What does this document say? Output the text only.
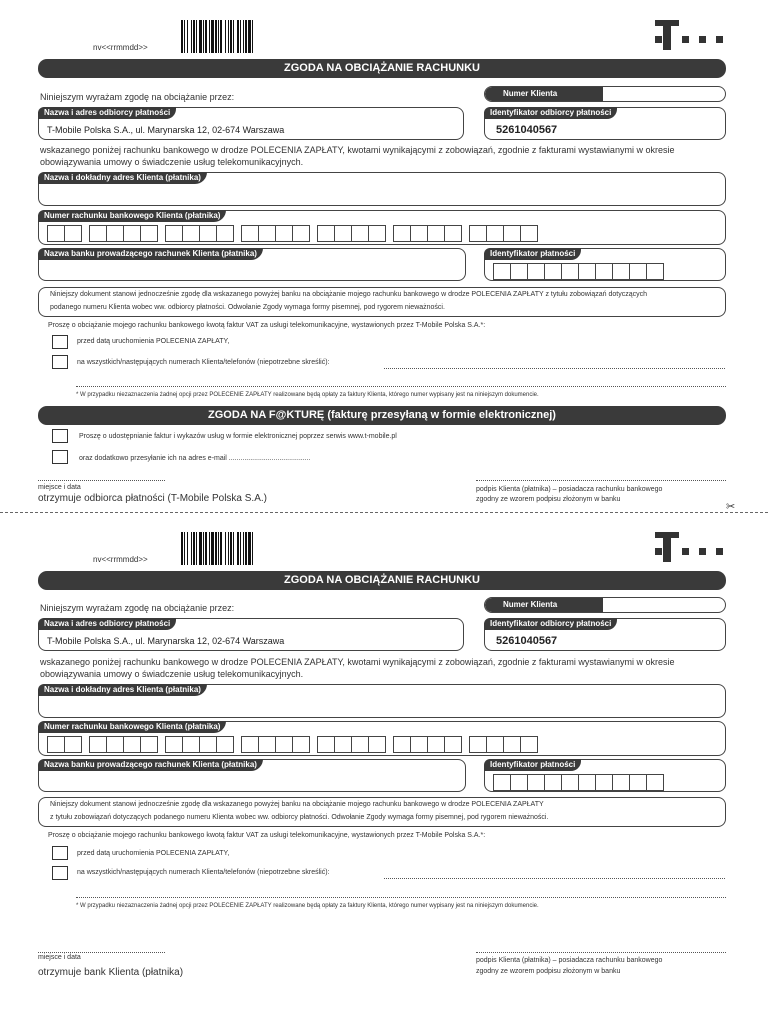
nv<<rrmmdd>>
ZGODA NA OBCIĄŻANIE RACHUNKU
Niniejszym wyrażam zgodę na obciążanie przez:	Numer Klienta
Nazwa i adres odbiorcy płatności
T-Mobile Polska S.A., ul. Marynarska 12, 02-674 Warszawa
Identyfikator odbiorcy płatności
5261040567
wskazanego poniżej rachunku bankowego w drodze POLECENIA ZAPŁATY, kwotami wynikającymi z zobowiązań, zgodnie z fakturami wystawianymi w okresie obowiązywania umowy o świadczenie usług telekomunikacyjnych.
Nazwa i dokładny adres Klienta (płatnika)
Numer rachunku bankowego Klienta (płatnika)
Nazwa banku prowadzącego rachunek Klienta (płatnika)	Identyfikator płatności
Niniejszy dokument stanowi jednocześnie zgodę dla wskazanego powyżej banku na obciążanie mojego rachunku bankowego w drodze POLECENIA ZAPŁATY z tytułu zobowiązań dotyczących
podanego numeru Klienta wobec ww. odbiorcy płatności. Odwołanie Zgody wymaga formy pisemnej, pod rygorem nieważności.
Proszę o obciążanie mojego rachunku bankowego kwotą faktur VAT za usługi telekomunikacyjne, wystawionych przez T-Mobile Polska S.A.*:
przed datą uruchomienia POLECENIA ZAPŁATY,
na wszystkich/następujących numerach Klienta/telefonów (niepotrzebne skreślić):
* W przypadku niezaznaczenia żadnej opcji przez POLECENIE ZAPŁATY realizowane będą opłaty za faktury Klienta, którego numer wypisany jest na niniejszym dokumencie.
ZGODA NA F@KTURĘ (fakturę przesyłaną w formie elektronicznej)
Proszę o udostępnianie faktur i wykazów usług w formie elektronicznej poprzez serwis www.t-mobile.pl
oraz dodatkowo przesyłanie ich na adres e-mail ..........................................
miejsce i data
otrzymuje odbiorca płatności (T-Mobile Polska S.A.)
podpis Klienta (płatnika) – posiadacza rachunku bankowego
zgodny ze wzorem podpisu złożonym w banku
✂
nv<<rrmmdd>>
ZGODA NA OBCIĄŻANIE RACHUNKU
Niniejszym wyrażam zgodę na obciążanie przez:	Numer Klienta
Nazwa i adres odbiorcy płatności
T-Mobile Polska S.A., ul. Marynarska 12, 02-674 Warszawa
Identyfikator odbiorcy płatności
5261040567
wskazanego poniżej rachunku bankowego w drodze POLECENIA ZAPŁATY, kwotami wynikającymi z zobowiązań, zgodnie z fakturami wystawianymi w okresie obowiązywania umowy o świadczenie usług telekomunikacyjnych.
Nazwa i dokładny adres Klienta (płatnika)
Numer rachunku bankowego Klienta (płatnika)
Nazwa banku prowadzącego rachunek Klienta (płatnika)	Identyfikator płatności
Niniejszy dokument stanowi jednocześnie zgodę dla wskazanego powyżej banku na obciążanie mojego rachunku bankowego w drodze POLECENIA ZAPŁATY
z tytułu zobowiązań dotyczących podanego numeru Klienta wobec ww. odbiorcy płatności. Odwołanie Zgody wymaga formy pisemnej, pod rygorem nieważności.
Proszę o obciążanie mojego rachunku bankowego kwotą faktur VAT za usługi telekomunikacyjne, wystawionych przez T-Mobile Polska S.A.*:
przed datą uruchomienia POLECENIA ZAPŁATY,
na wszystkich/następujących numerach Klienta/telefonów (niepotrzebne skreślić):
* W przypadku niezaznaczenia żadnej opcji przez POLECENIE ZAPŁATY realizowane będą opłaty za faktury Klienta, którego numer wypisany jest na niniejszym dokumencie.
miejsce i data
otrzymuje bank Klienta (płatnika)
podpis Klienta (płatnika) – posiadacza rachunku bankowego
zgodny ze wzorem podpisu złożonym w banku
